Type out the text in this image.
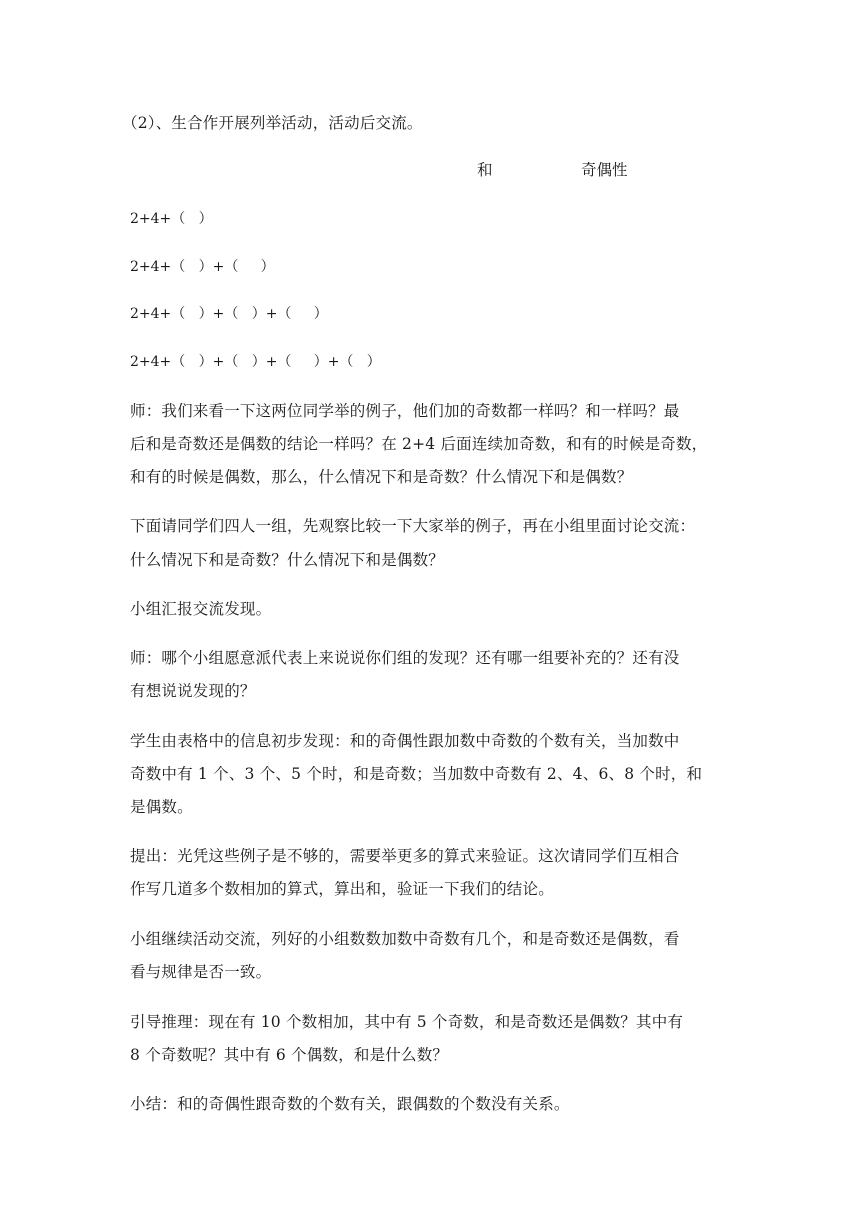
（2）、生合作开展列举活动，活动后交流。
和	奇偶性
2+4+（   ）
2+4+（   ）+（     ）
2+4+（   ）+（   ）+（     ）
2+4+（   ）+（   ）+（     ）+（   ）
师：我们来看一下这两位同学举的例子，他们加的奇数都一样吗？和一样吗？最
后和是奇数还是偶数的结论一样吗？在 2+4 后面连续加奇数，和有的时候是奇数，
和有的时候是偶数，那么，什么情况下和是奇数？什么情况下和是偶数？
下面请同学们四人一组，先观察比较一下大家举的例子，再在小组里面讨论交流：
什么情况下和是奇数？什么情况下和是偶数？
小组汇报交流发现。
师：哪个小组愿意派代表上来说说你们组的发现？还有哪一组要补充的？还有没
有想说说发现的？
学生由表格中的信息初步发现：和的奇偶性跟加数中奇数的个数有关，当加数中
奇数中有 1 个、3 个、5 个时，和是奇数；当加数中奇数有 2、4、6、8 个时，和
是偶数。
提出：光凭这些例子是不够的，需要举更多的算式来验证。这次请同学们互相合
作写几道多个数相加的算式，算出和，验证一下我们的结论。
小组继续活动交流，列好的小组数数加数中奇数有几个，和是奇数还是偶数，看
看与规律是否一致。
引导推理：现在有 10 个数相加，其中有 5 个奇数，和是奇数还是偶数？其中有
8 个奇数呢？其中有 6 个偶数，和是什么数？
小结：和的奇偶性跟奇数的个数有关，跟偶数的个数没有关系。
